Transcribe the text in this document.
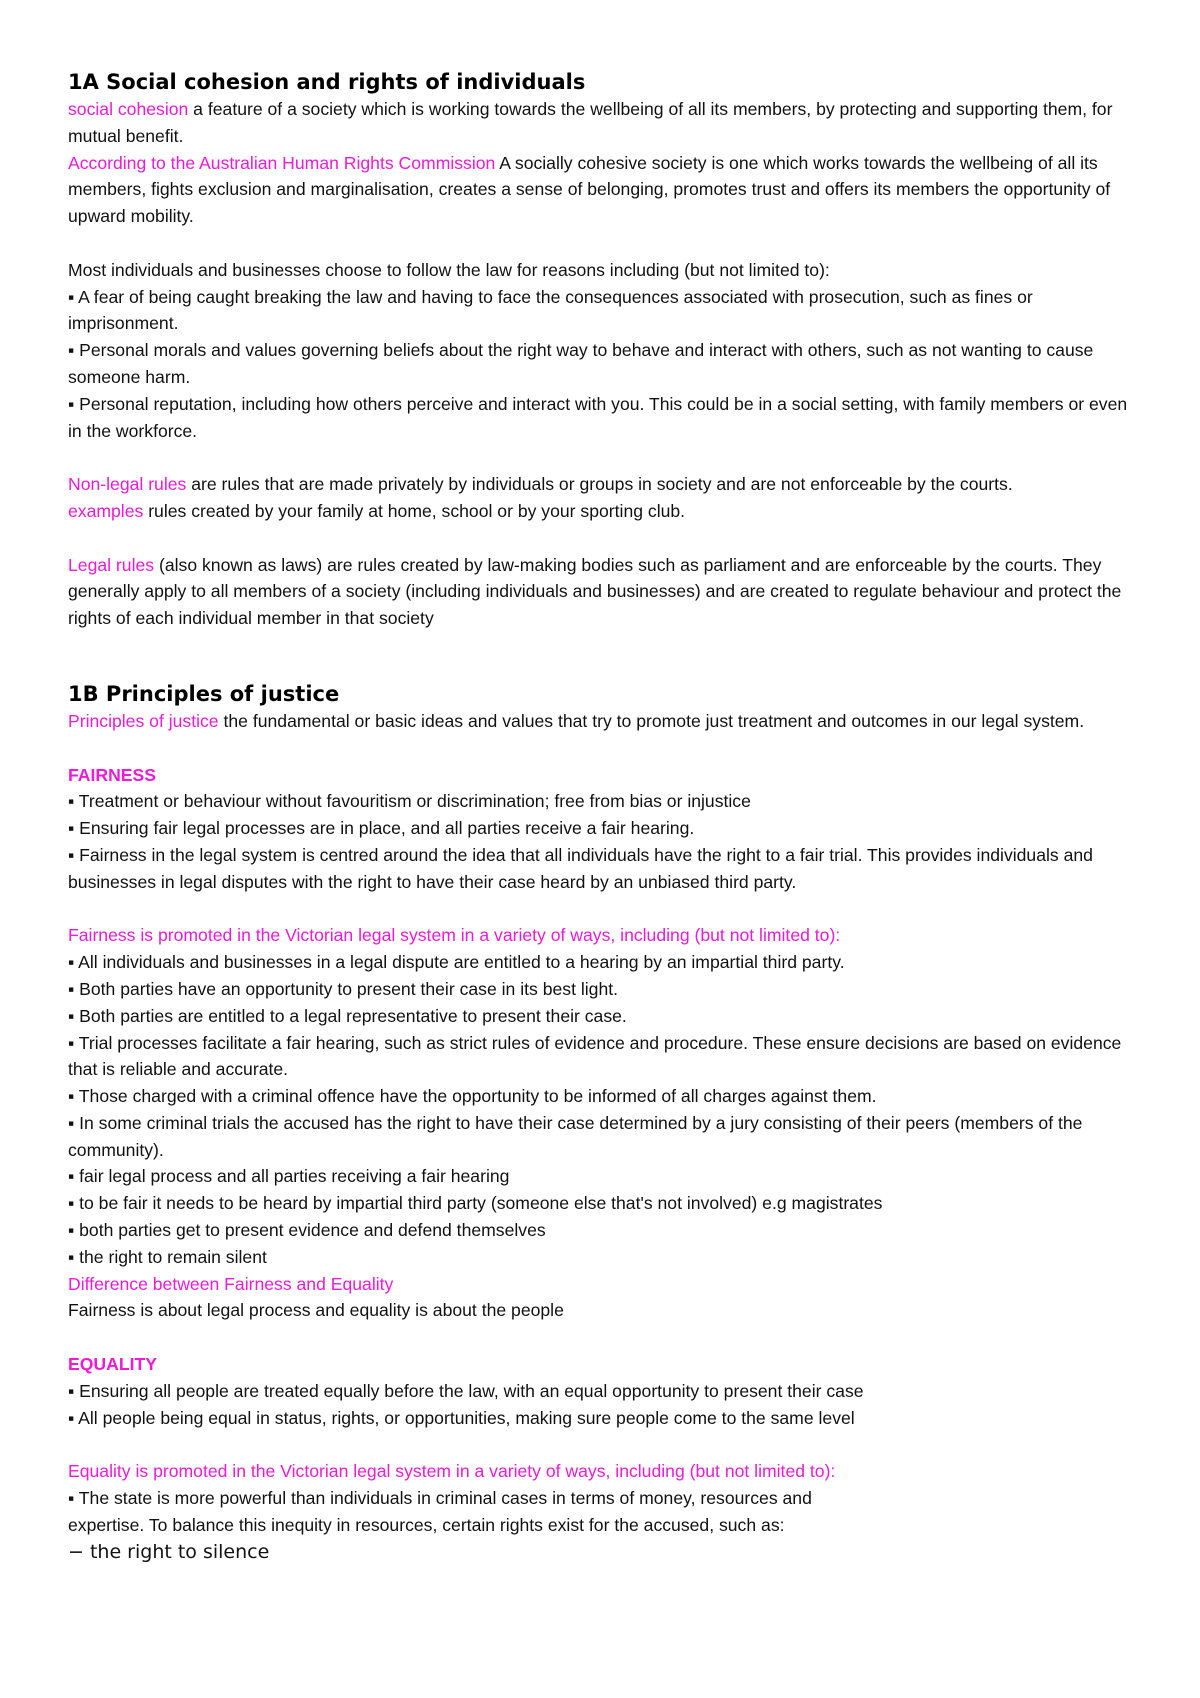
1A Social cohesion and rights of individuals

social cohesion a feature of a society which is working towards the wellbeing of all its members, by protecting and supporting them, for mutual benefit.

According to the Australian Human Rights Commission A socially cohesive society is one which works towards the wellbeing of all its members, fights exclusion and marginalisation, creates a sense of belonging, promotes trust and offers its members the opportunity of upward mobility.

Most individuals and businesses choose to follow the law for reasons including (but not limited to):

▪ A fear of being caught breaking the law and having to face the consequences associated with prosecution, such as fines or imprisonment.

▪ Personal morals and values governing beliefs about the right way to behave and interact with others, such as not wanting to cause someone harm.

▪ Personal reputation, including how others perceive and interact with you. This could be in a social setting, with family members or even in the workforce.

Non-legal rules are rules that are made privately by individuals or groups in society and are not enforceable by the courts.

examples rules created by your family at home, school or by your sporting club.

Legal rules (also known as laws) are rules created by law-making bodies such as parliament and are enforceable by the courts. They generally apply to all members of a society (including individuals and businesses) and are created to regulate behaviour and protect the rights of each individual member in that society

1B Principles of justice

Principles of justice the fundamental or basic ideas and values that try to promote just treatment and outcomes in our legal system.

FAIRNESS

▪ Treatment or behaviour without favouritism or discrimination; free from bias or injustice

▪ Ensuring fair legal processes are in place, and all parties receive a fair hearing.

▪ Fairness in the legal system is centred around the idea that all individuals have the right to a fair trial. This provides individuals and businesses in legal disputes with the right to have their case heard by an unbiased third party.

Fairness is promoted in the Victorian legal system in a variety of ways, including (but not limited to):

▪ All individuals and businesses in a legal dispute are entitled to a hearing by an impartial third party.

▪ Both parties have an opportunity to present their case in its best light.

▪ Both parties are entitled to a legal representative to present their case.

▪ Trial processes facilitate a fair hearing, such as strict rules of evidence and procedure. These ensure decisions are based on evidence that is reliable and accurate.

▪ Those charged with a criminal offence have the opportunity to be informed of all charges against them.

▪ In some criminal trials the accused has the right to have their case determined by a jury consisting of their peers (members of the community).

▪ fair legal process and all parties receiving a fair hearing

▪ to be fair it needs to be heard by impartial third party (someone else that's not involved) e.g magistrates

▪ both parties get to present evidence and defend themselves

▪ the right to remain silent

Difference between Fairness and Equality

Fairness is about legal process and equality is about the people

EQUALITY

▪ Ensuring all people are treated equally before the law, with an equal opportunity to present their case

▪ All people being equal in status, rights, or opportunities, making sure people come to the same level

Equality is promoted in the Victorian legal system in a variety of ways, including (but not limited to):

▪ The state is more powerful than individuals in criminal cases in terms of money, resources and

expertise. To balance this inequity in resources, certain rights exist for the accused, such as:

− the right to silence
